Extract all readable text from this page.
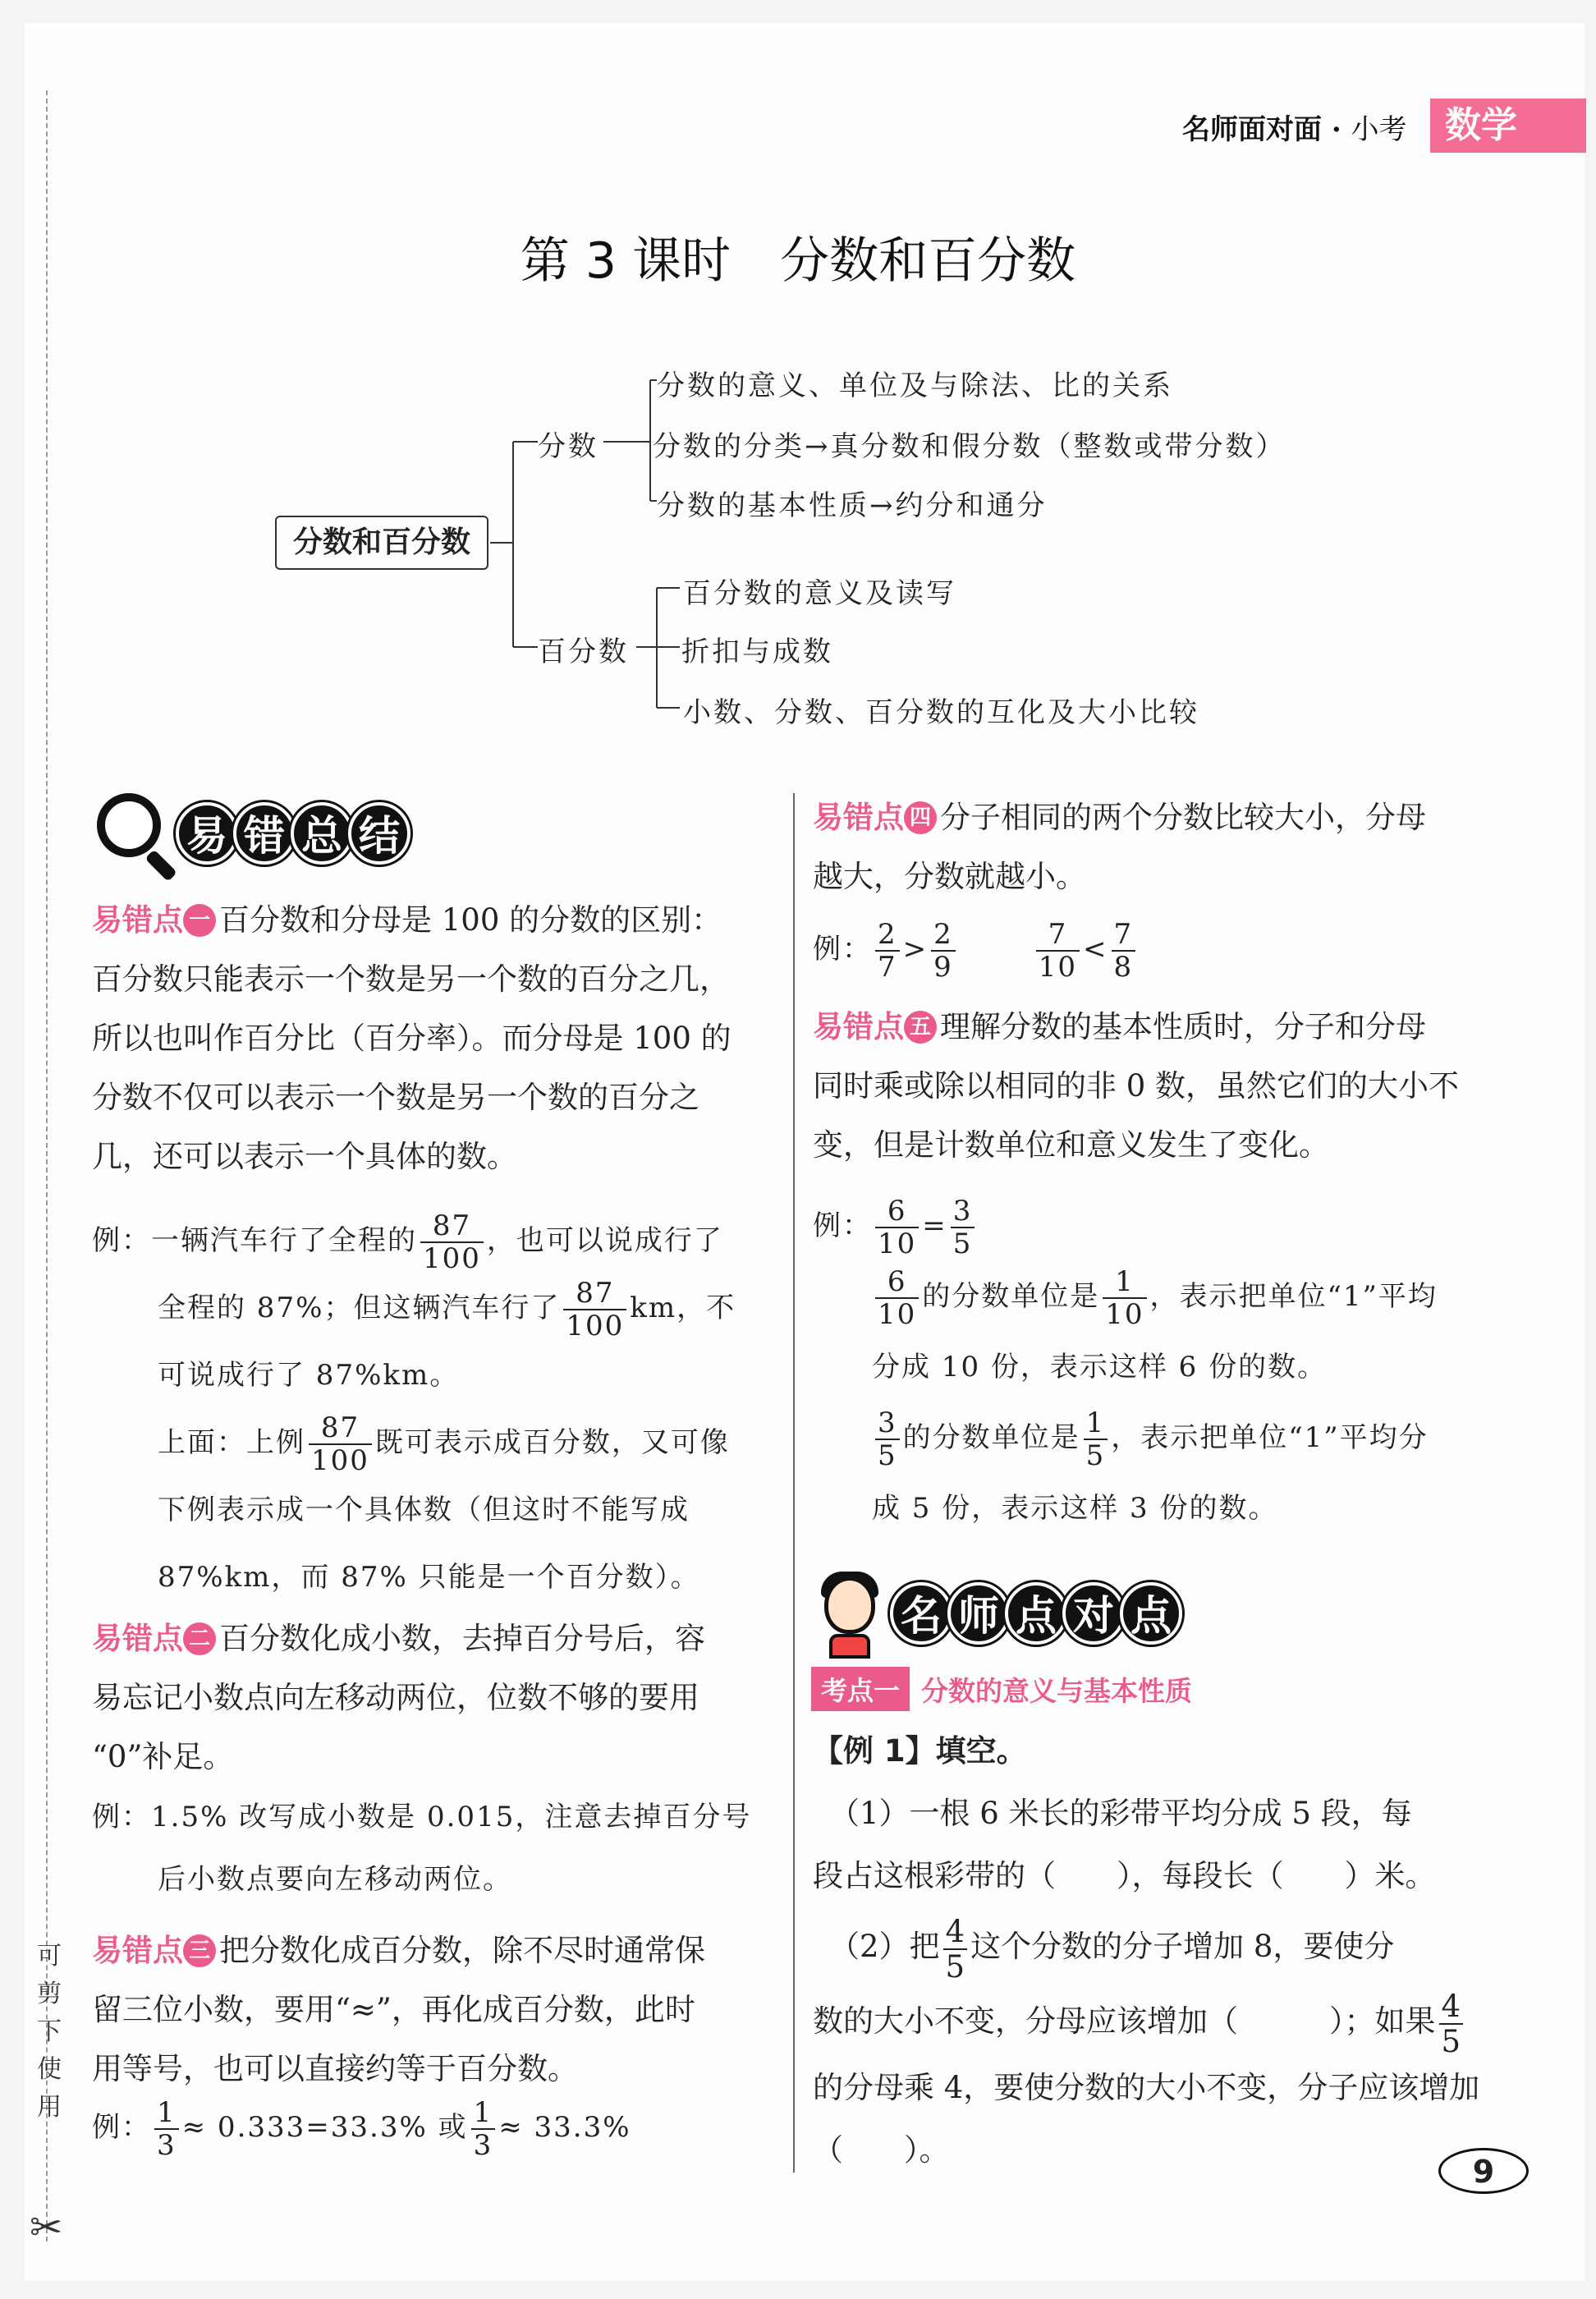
可
剪
下
使
用
✂
名师面对面 · 小考	数学
第 3 课时　分数和百分数
分数和百分数
分数
分数的意义、单位及与除法、比的关系
分数的分类→真分数和假分数（整数或带分数）
分数的基本性质→约分和通分
百分数
百分数的意义及读写
折扣与成数
小数、分数、百分数的互化及大小比较
易 错 总 结
易错点 一 百分数和分母是 100 的分数的区别：
百分数只能表示一个数是另一个数的百分之几，
所以也叫作百分比（百分率）。而分母是 100 的
分数不仅可以表示一个数是另一个数的百分之
几，还可以表示一个具体的数。
例：一辆汽车行了全程的 $\frac{87}{100}$ ，也可以说成行了
全程的 87%；但这辆汽车行了 $\frac{87}{100}$ km，不
可说成行了 87%km。
上面：上例 $\frac{87}{100}$ 既可表示成百分数，又可像
下例表示成一个具体数（但这时不能写成
87%km，而 87% 只能是一个百分数）。
易错点 二 百分数化成小数，去掉百分号后，容
易忘记小数点向左移动两位，位数不够的要用
“0”补足。
例：1.5% 改写成小数是 0.015，注意去掉百分号
后小数点要向左移动两位。
易错点 三 把分数化成百分数，除不尽时通常保
留三位小数，要用“≈”，再化成百分数，此时
用等号，也可以直接约等于百分数。
例： $\frac{1}{3} \approx 0.333=33.3\%$ 或 $\frac{1}{3} \approx 33.3\%$
易错点 四 分子相同的两个分数比较大小，分母
越大，分数就越小。
例： $\frac{2}{7} > \frac{2}{9}$	$\frac{7}{10} < \frac{7}{8}$
易错点 五 理解分数的基本性质时，分子和分母
同时乘或除以相同的非 0 数，虽然它们的大小不
变，但是计数单位和意义发生了变化。
例： $\frac{6}{10} = \frac{3}{5}$
$\frac{6}{10}$ 的分数单位是 $\frac{1}{10}$ ，表示把单位“1”平均
分成 10 份，表示这样 6 份的数。
$\frac{3}{5}$ 的分数单位是 $\frac{1}{5}$ ，表示把单位“1”平均分
成 5 份，表示这样 3 份的数。
名 师 点 对 点
考点一 分数的意义与基本性质
【例 1】填空。
（1）一根 6 米长的彩带平均分成 5 段，每
段占这根彩带的（　　），每段长（　　）米。
（2）把 $\frac{4}{5}$ 这个分数的分子增加 8，要使分
数的大小不变，分母应该增加（　　　）；如果 $\frac{4}{5}$
的分母乘 4，要使分数的大小不变，分子应该增加
（　　）。
9
